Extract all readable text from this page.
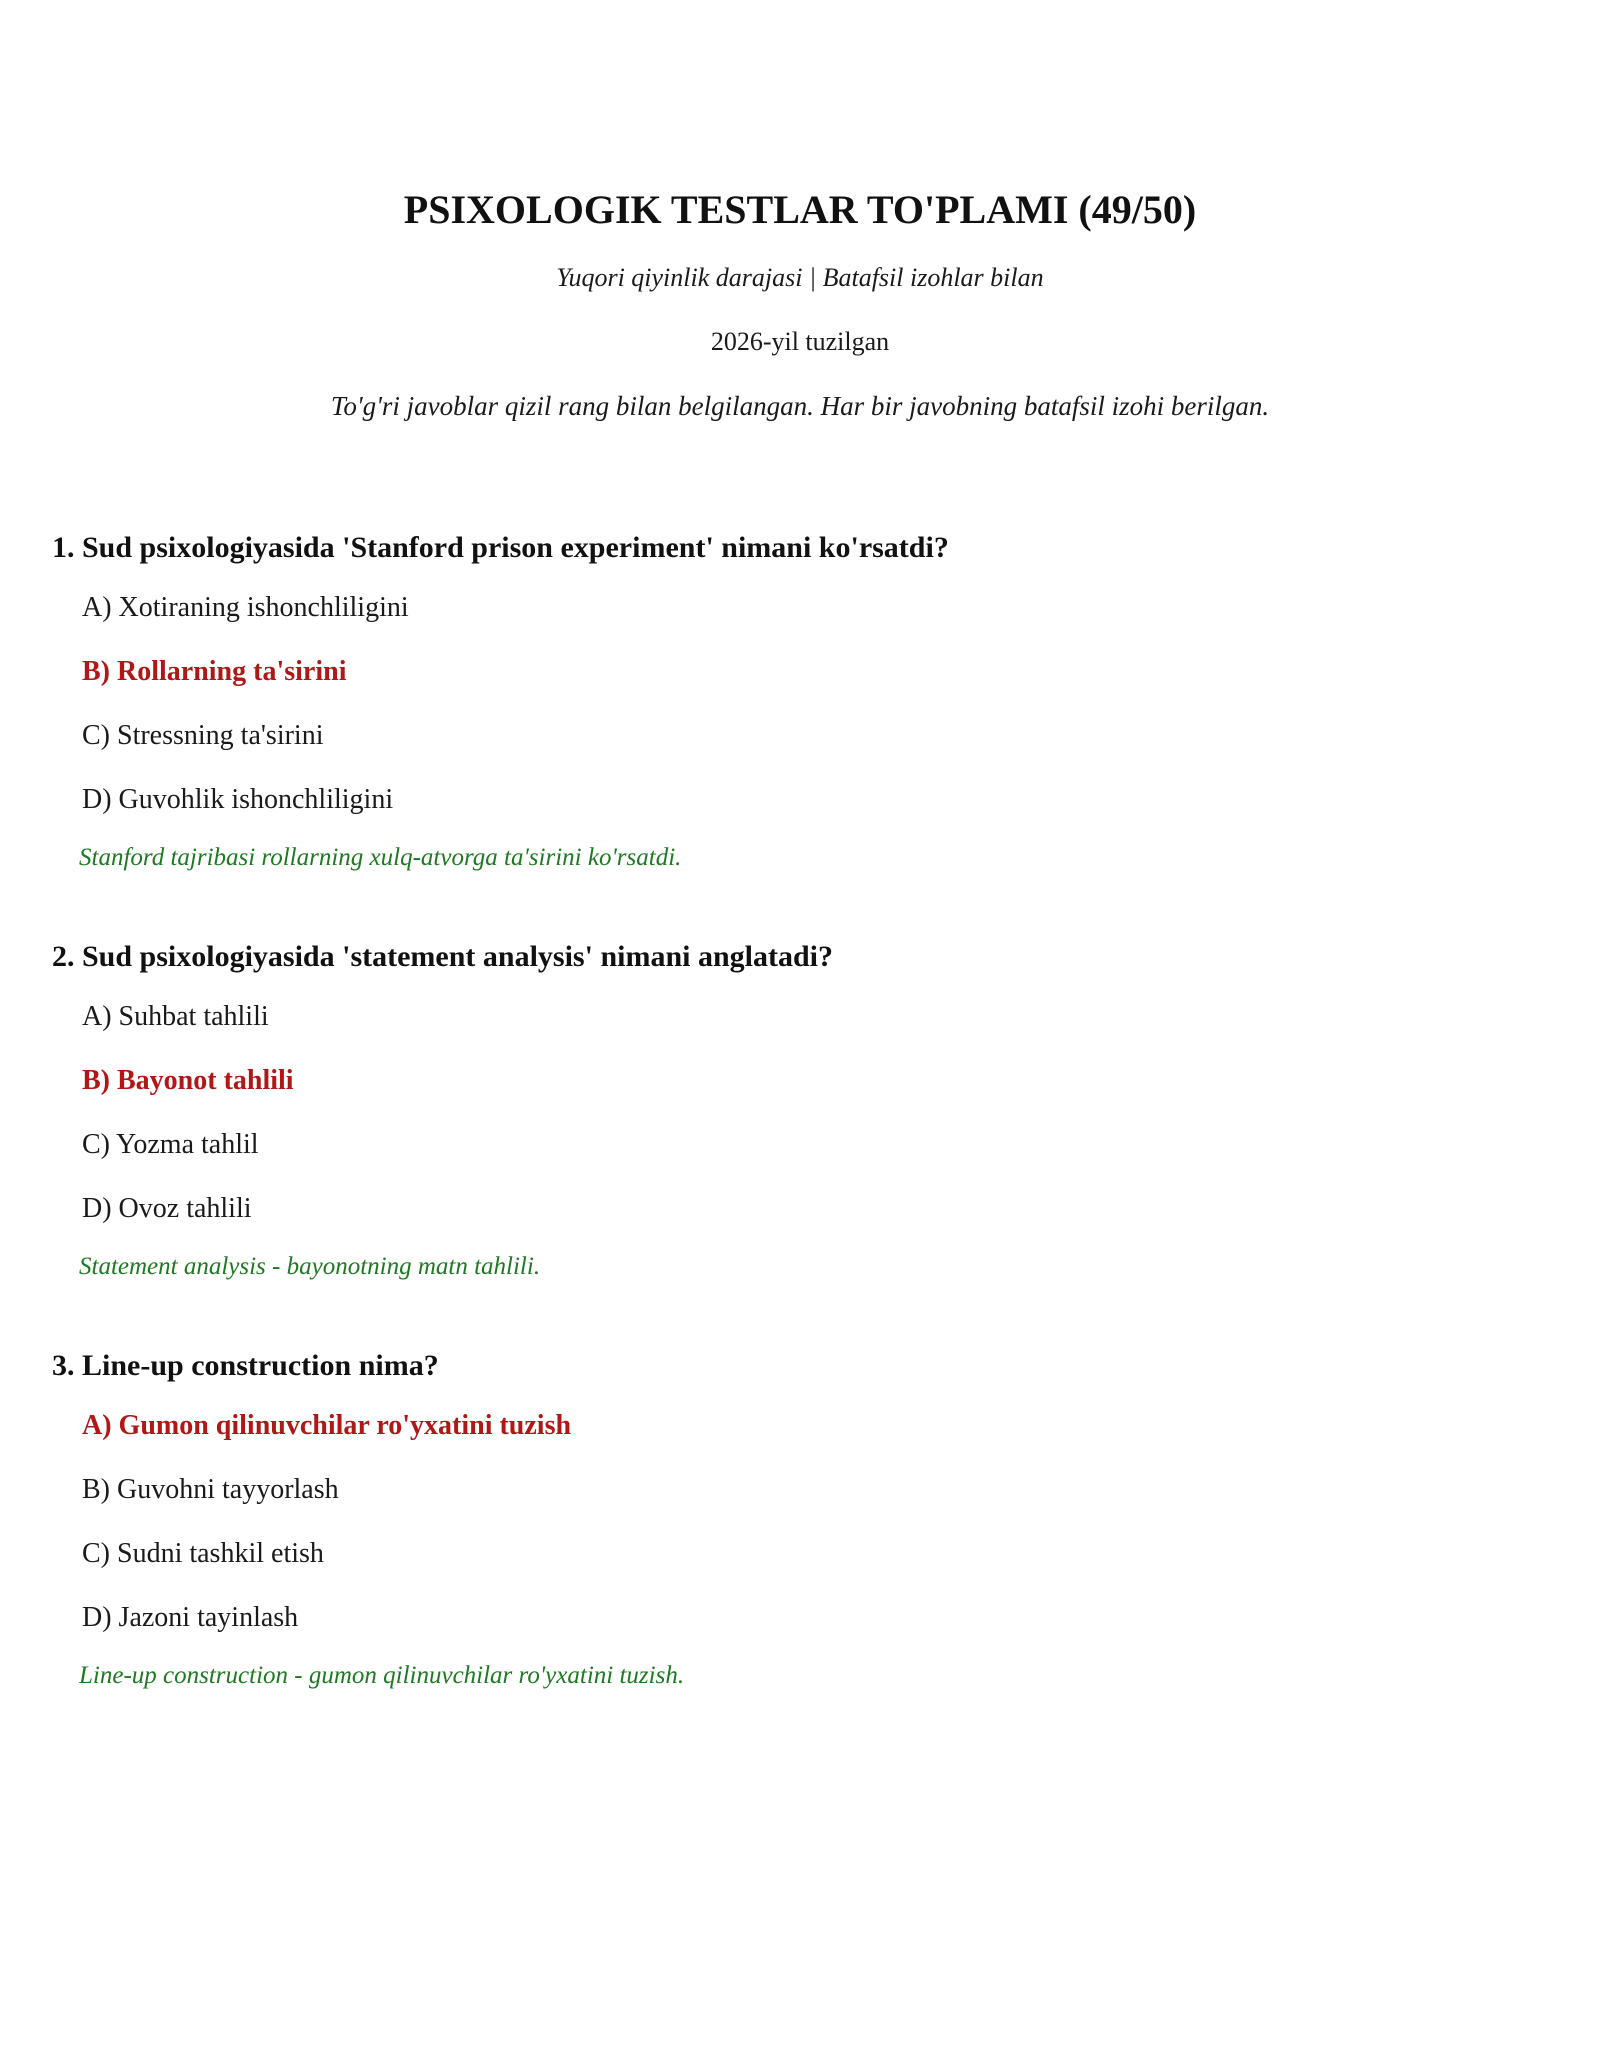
PSIXOLOGIK TESTLAR TO'PLAMI (49/50)

Yuqori qiyinlik darajasi | Batafsil izohlar bilan

2026-yil tuzilgan

To'g'ri javoblar qizil rang bilan belgilangan. Har bir javobning batafsil izohi berilgan.

1. Sud psixologiyasida 'Stanford prison experiment' nimani ko'rsatdi?

A) Xotiraning ishonchliligini

B) Rollarning ta'sirini

C) Stressning ta'sirini

D) Guvohlik ishonchliligini

Stanford tajribasi rollarning xulq-atvorga ta'sirini ko'rsatdi.

2. Sud psixologiyasida 'statement analysis' nimani anglatadi?

A) Suhbat tahlili

B) Bayonot tahlili

C) Yozma tahlil

D) Ovoz tahlili

Statement analysis - bayonotning matn tahlili.

3. Line-up construction nima?

A) Gumon qilinuvchilar ro'yxatini tuzish

B) Guvohni tayyorlash

C) Sudni tashkil etish

D) Jazoni tayinlash

Line-up construction - gumon qilinuvchilar ro'yxatini tuzish.
